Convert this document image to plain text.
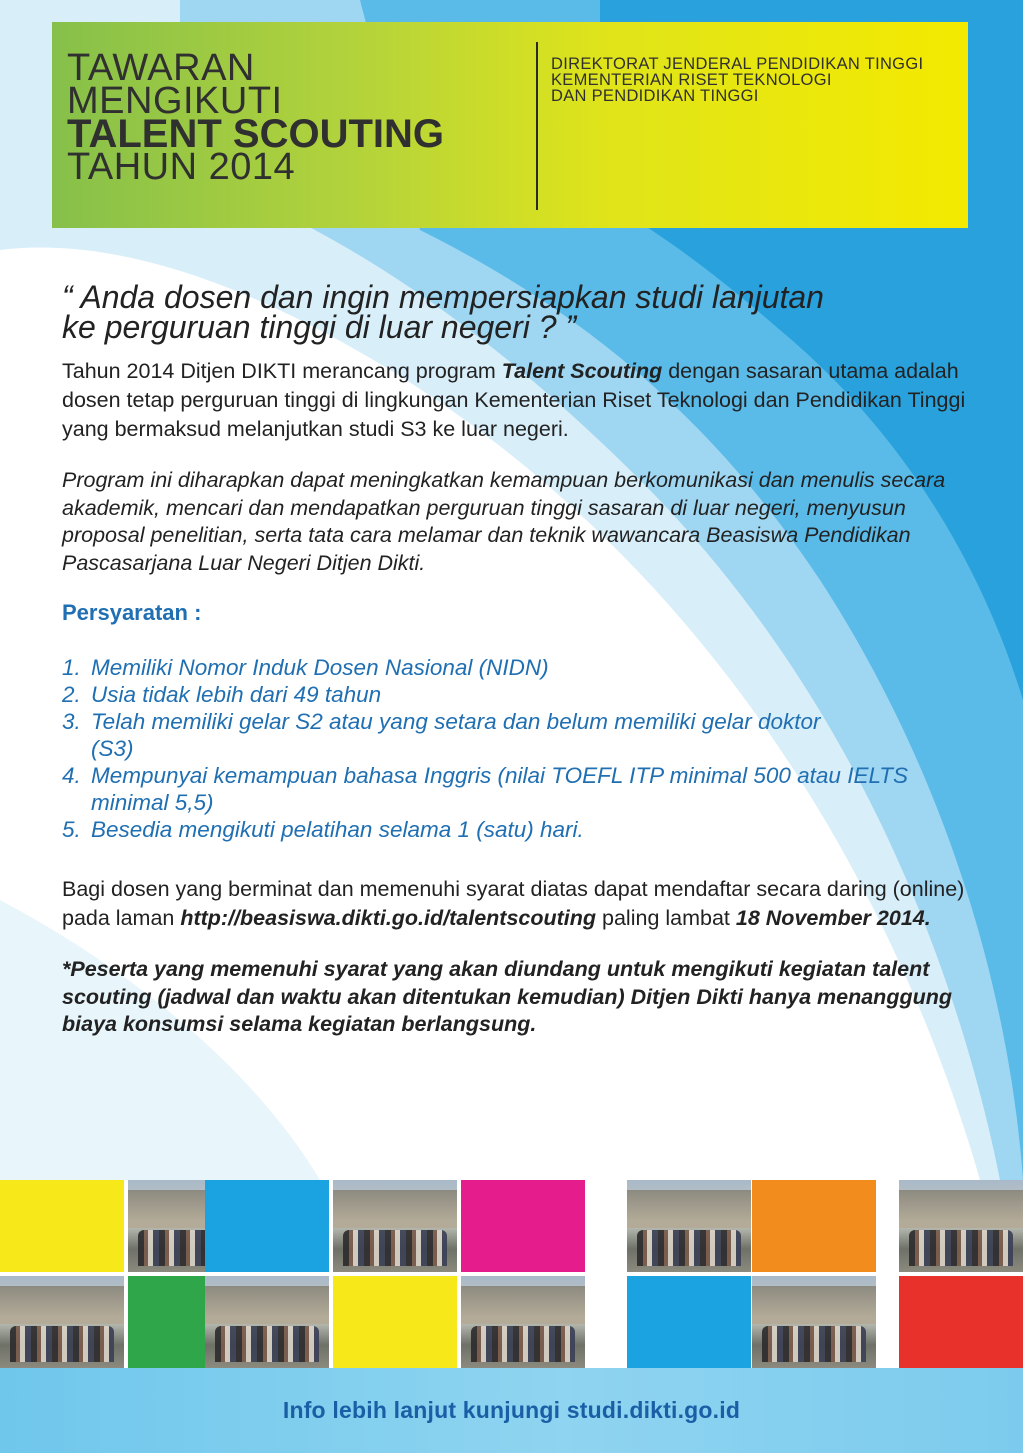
TAWARAN
MENGIKUTI
TALENT SCOUTING
TAHUN 2014
DIREKTORAT JENDERAL PENDIDIKAN TINGGI
KEMENTERIAN RISET TEKNOLOGI
DAN PENDIDIKAN TINGGI

“ Anda dosen dan ingin mempersiapkan studi lanjutan
ke perguruan tinggi di luar negeri ? ”

Tahun 2014 Ditjen DIKTI merancang program Talent Scouting dengan sasaran utama adalah dosen tetap perguruan tinggi di lingkungan Kementerian Riset Teknologi dan Pendidikan Tinggi yang bermaksud melanjutkan studi S3 ke luar negeri.

Program ini diharapkan dapat meningkatkan kemampuan berkomunikasi dan menulis secara akademik, mencari dan mendapatkan perguruan tinggi sasaran di luar negeri, menyusun proposal penelitian, serta tata cara melamar dan teknik wawancara Beasiswa Pendidikan Pascasarjana Luar Negeri Ditjen Dikti.

Persyaratan :
1. Memiliki Nomor Induk Dosen Nasional (NIDN)
2. Usia tidak lebih dari 49 tahun
3. Telah memiliki gelar S2 atau yang setara dan belum memiliki gelar doktor (S3)
4. Mempunyai kemampuan bahasa Inggris (nilai TOEFL ITP minimal 500 atau IELTS minimal 5,5)
5. Besedia mengikuti pelatihan selama 1 (satu) hari.

Bagi dosen yang berminat dan memenuhi syarat diatas dapat mendaftar secara daring (online) pada laman http://beasiswa.dikti.go.id/talentscouting paling lambat 18 November 2014.

*Peserta yang memenuhi syarat yang akan diundang untuk mengikuti kegiatan talent scouting (jadwal dan waktu akan ditentukan kemudian) Ditjen Dikti hanya menanggung biaya konsumsi selama kegiatan berlangsung.

Info lebih lanjut kunjungi studi.dikti.go.id
